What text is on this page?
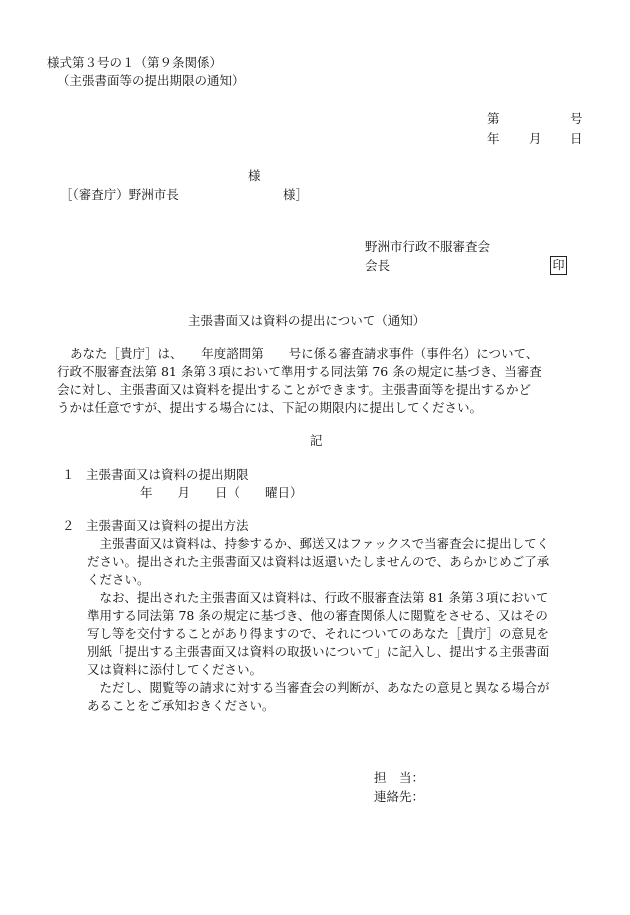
様式第３号の１（第９条関係）
（主張書面等の提出期限の通知）
第	号
年 月 日
様
［（審査庁）野洲市長	様］
野洲市行政不服審査会
会長	印
主張書面又は資料の提出について（通知）
あなた［貴庁］は、　　年度諮問第　　号に係る審査請求事件（事件名）について、
行政不服審査法第 81 条第３項において準用する同法第 76 条の規定に基づき、当審査
会に対し、主張書面又は資料を提出することができます。主張書面等を提出するかど
うかは任意ですが、提出する場合には、下記の期限内に提出してください。
記
１ 主張書面又は資料の提出期限
年　　月　　日（　　曜日）
２ 主張書面又は資料の提出方法
　主張書面又は資料は、持参するか、郵送又はファックスで当審査会に提出してく
ださい。提出された主張書面又は資料は返還いたしませんので、あらかじめご了承
ください。
　なお、提出された主張書面又は資料は、行政不服審査法第 81 条第３項において
準用する同法第 78 条の規定に基づき、他の審査関係人に閲覧をさせる、又はその
写し等を交付することがあり得ますので、それについてのあなた［貴庁］の意見を
別紙「提出する主張書面又は資料の取扱いについて」に記入し、提出する主張書面
又は資料に添付してください。
　ただし、閲覧等の請求に対する当審査会の判断が、あなたの意見と異なる場合が
あることをご承知おきください。
担　当：
連絡先：
